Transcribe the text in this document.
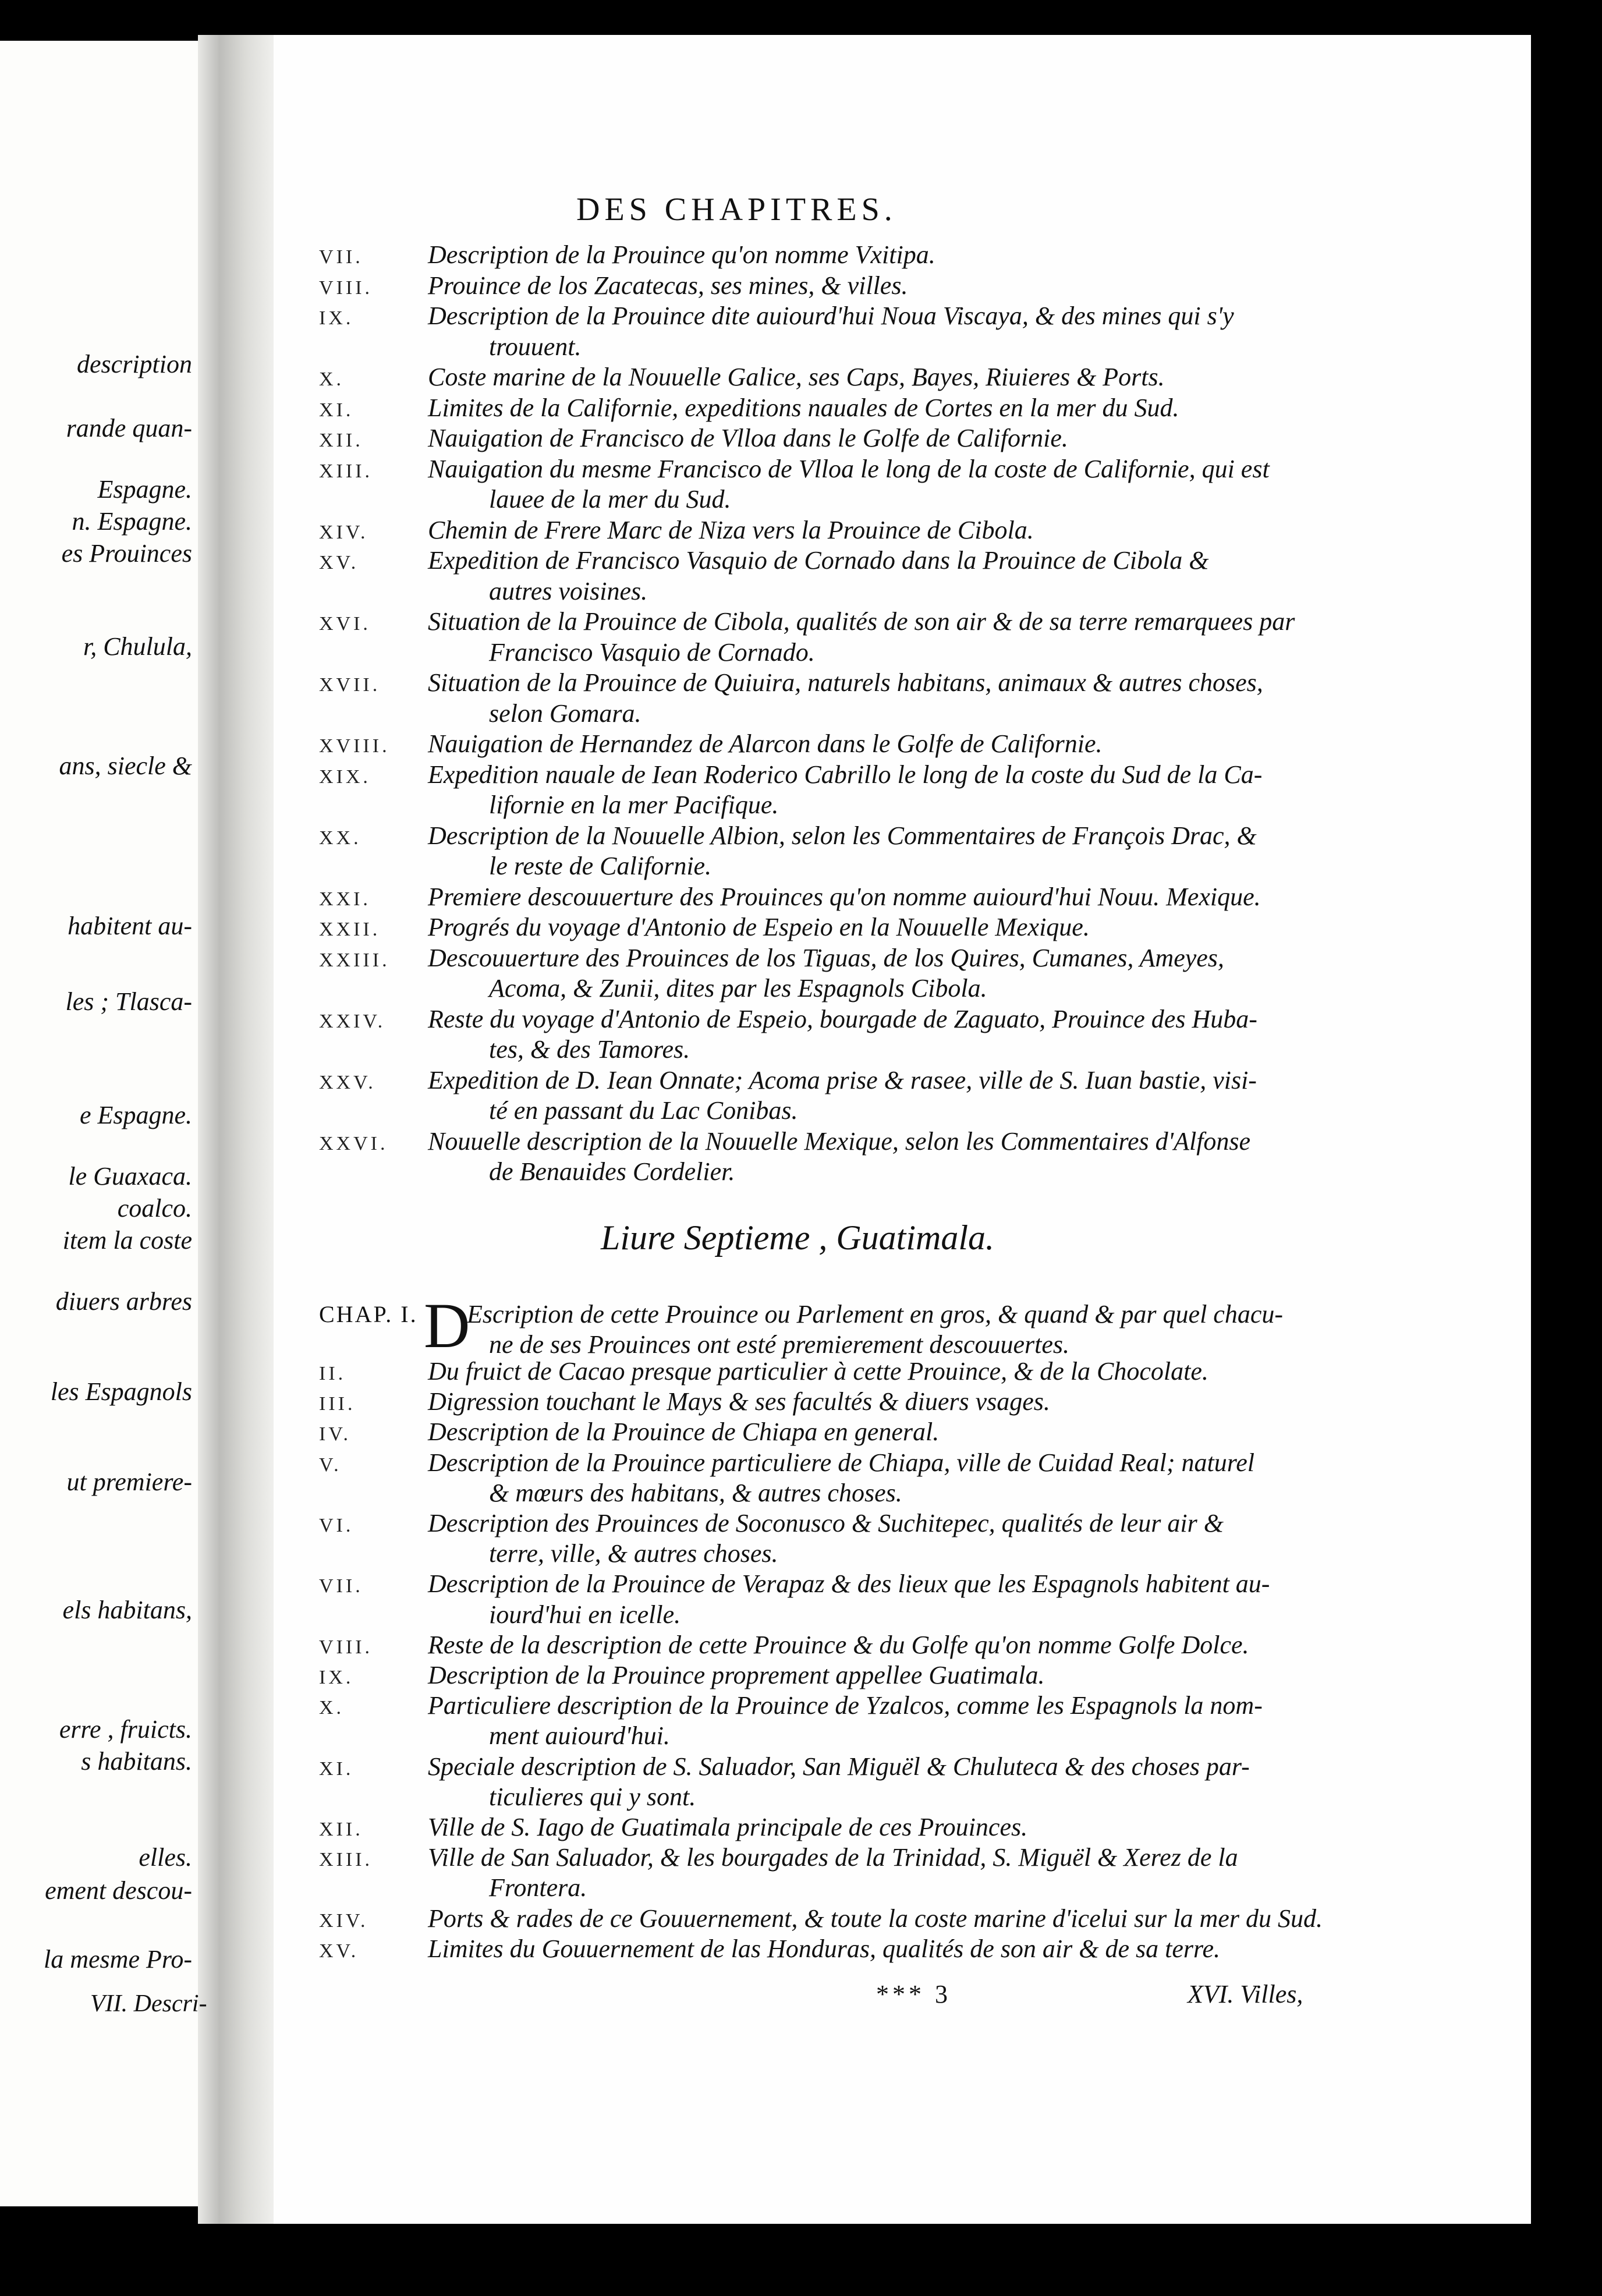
description
rande quan-
Espagne.
n. Espagne.
es Prouinces
r, Chulula,
ans, siecle &
habitent au-
les ; Tlasca-
e Espagne.
le Guaxaca.
coalco.
item la coste
diuers arbres
les Espagnols
ut premiere-
els habitans,
erre , fruicts.
s habitans.
elles.
ement descou-
la mesme Pro-
VII. Descri-
DES CHAPITRES.
VII.	Description de la Prouince qu'on nomme Vxitipa.
VIII. Prouince de los Zacatecas, ses mines, & villes.
IX.	Description de la Prouince dite auiourd'hui Noua Viscaya, & des mines qui s'y
trouuent.
X.	Coste marine de la Nouuelle Galice, ses Caps, Bayes, Riuieres & Ports.
XI.	Limites de la Californie, expeditions nauales de Cortes en la mer du Sud.
XII.	Nauigation de Francisco de Vlloa dans le Golfe de Californie.
XIII. Nauigation du mesme Francisco de Vlloa le long de la coste de Californie, qui est
lauee de la mer du Sud.
XIV. Chemin de Frere Marc de Niza vers la Prouince de Cibola.
XV.	Expedition de Francisco Vasquio de Cornado dans la Prouince de Cibola &
autres voisines.
XVI. Situation de la Prouince de Cibola, qualités de son air & de sa terre remarquees par
Francisco Vasquio de Cornado.
XVII. Situation de la Prouince de Quiuira, naturels habitans, animaux & autres choses,
selon Gomara.
XVIII. Nauigation de Hernandez de Alarcon dans le Golfe de Californie.
XIX. Expedition nauale de Iean Roderico Cabrillo le long de la coste du Sud de la Ca-
lifornie en la mer Pacifique.
XX.	Description de la Nouuelle Albion, selon les Commentaires de François Drac, &
le reste de Californie.
XXI. Premiere descouuerture des Prouinces qu'on nomme auiourd'hui Nouu. Mexique.
XXII. Progrés du voyage d'Antonio de Espeio en la Nouuelle Mexique.
XXIII. Descouuerture des Prouinces de los Tiguas, de los Quires, Cumanes, Ameyes,
Acoma, & Zunii, dites par les Espagnols Cibola.
XXIV. Reste du voyage d'Antonio de Espeio, bourgade de Zaguato, Prouince des Huba-
tes, & des Tamores.
XXV. Expedition de D. Iean Onnate; Acoma prise & rasee, ville de S. Iuan bastie, visi-
té en passant du Lac Conibas.
XXVI. Nouuelle description de la Nouuelle Mexique, selon les Commentaires d'Alfonse
de Benauides Cordelier.
Liure Septieme , Guatimala.
CHAP. I. D
Escription de cette Prouince ou Parlement en gros, & quand & par quel chacu-
ne de ses Prouinces ont esté premierement descouuertes.
II.	Du fruict de Cacao presque particulier à cette Prouince, & de la Chocolate.
III.	Digression touchant le Mays & ses facultés & diuers vsages.
IV.	Description de la Prouince de Chiapa en general.
V.	Description de la Prouince particuliere de Chiapa, ville de Cuidad Real; naturel
& mœurs des habitans, & autres choses.
VI.	Description des Prouinces de Soconusco & Suchitepec, qualités de leur air &
terre, ville, & autres choses.
VII.	Description de la Prouince de Verapaz & des lieux que les Espagnols habitent au-
iourd'hui en icelle.
VIII. Reste de la description de cette Prouince & du Golfe qu'on nomme Golfe Dolce.
IX.	Description de la Prouince proprement appellee Guatimala.
X.	Particuliere description de la Prouince de Yzalcos, comme les Espagnols la nom-
ment auiourd'hui.
XI.	Speciale description de S. Saluador, San Miguël & Chuluteca & des choses par-
ticulieres qui y sont.
XII.	Ville de S. Iago de Guatimala principale de ces Prouinces.
XIII. Ville de San Saluador, & les bourgades de la Trinidad, S. Miguël & Xerez de la
Frontera.
XIV. Ports & rades de ce Gouuernement, & toute la coste marine d'icelui sur la mer du Sud.
XV.	Limites du Gouuernement de las Honduras, qualités de son air & de sa terre.
*** 3	XVI. Villes,
